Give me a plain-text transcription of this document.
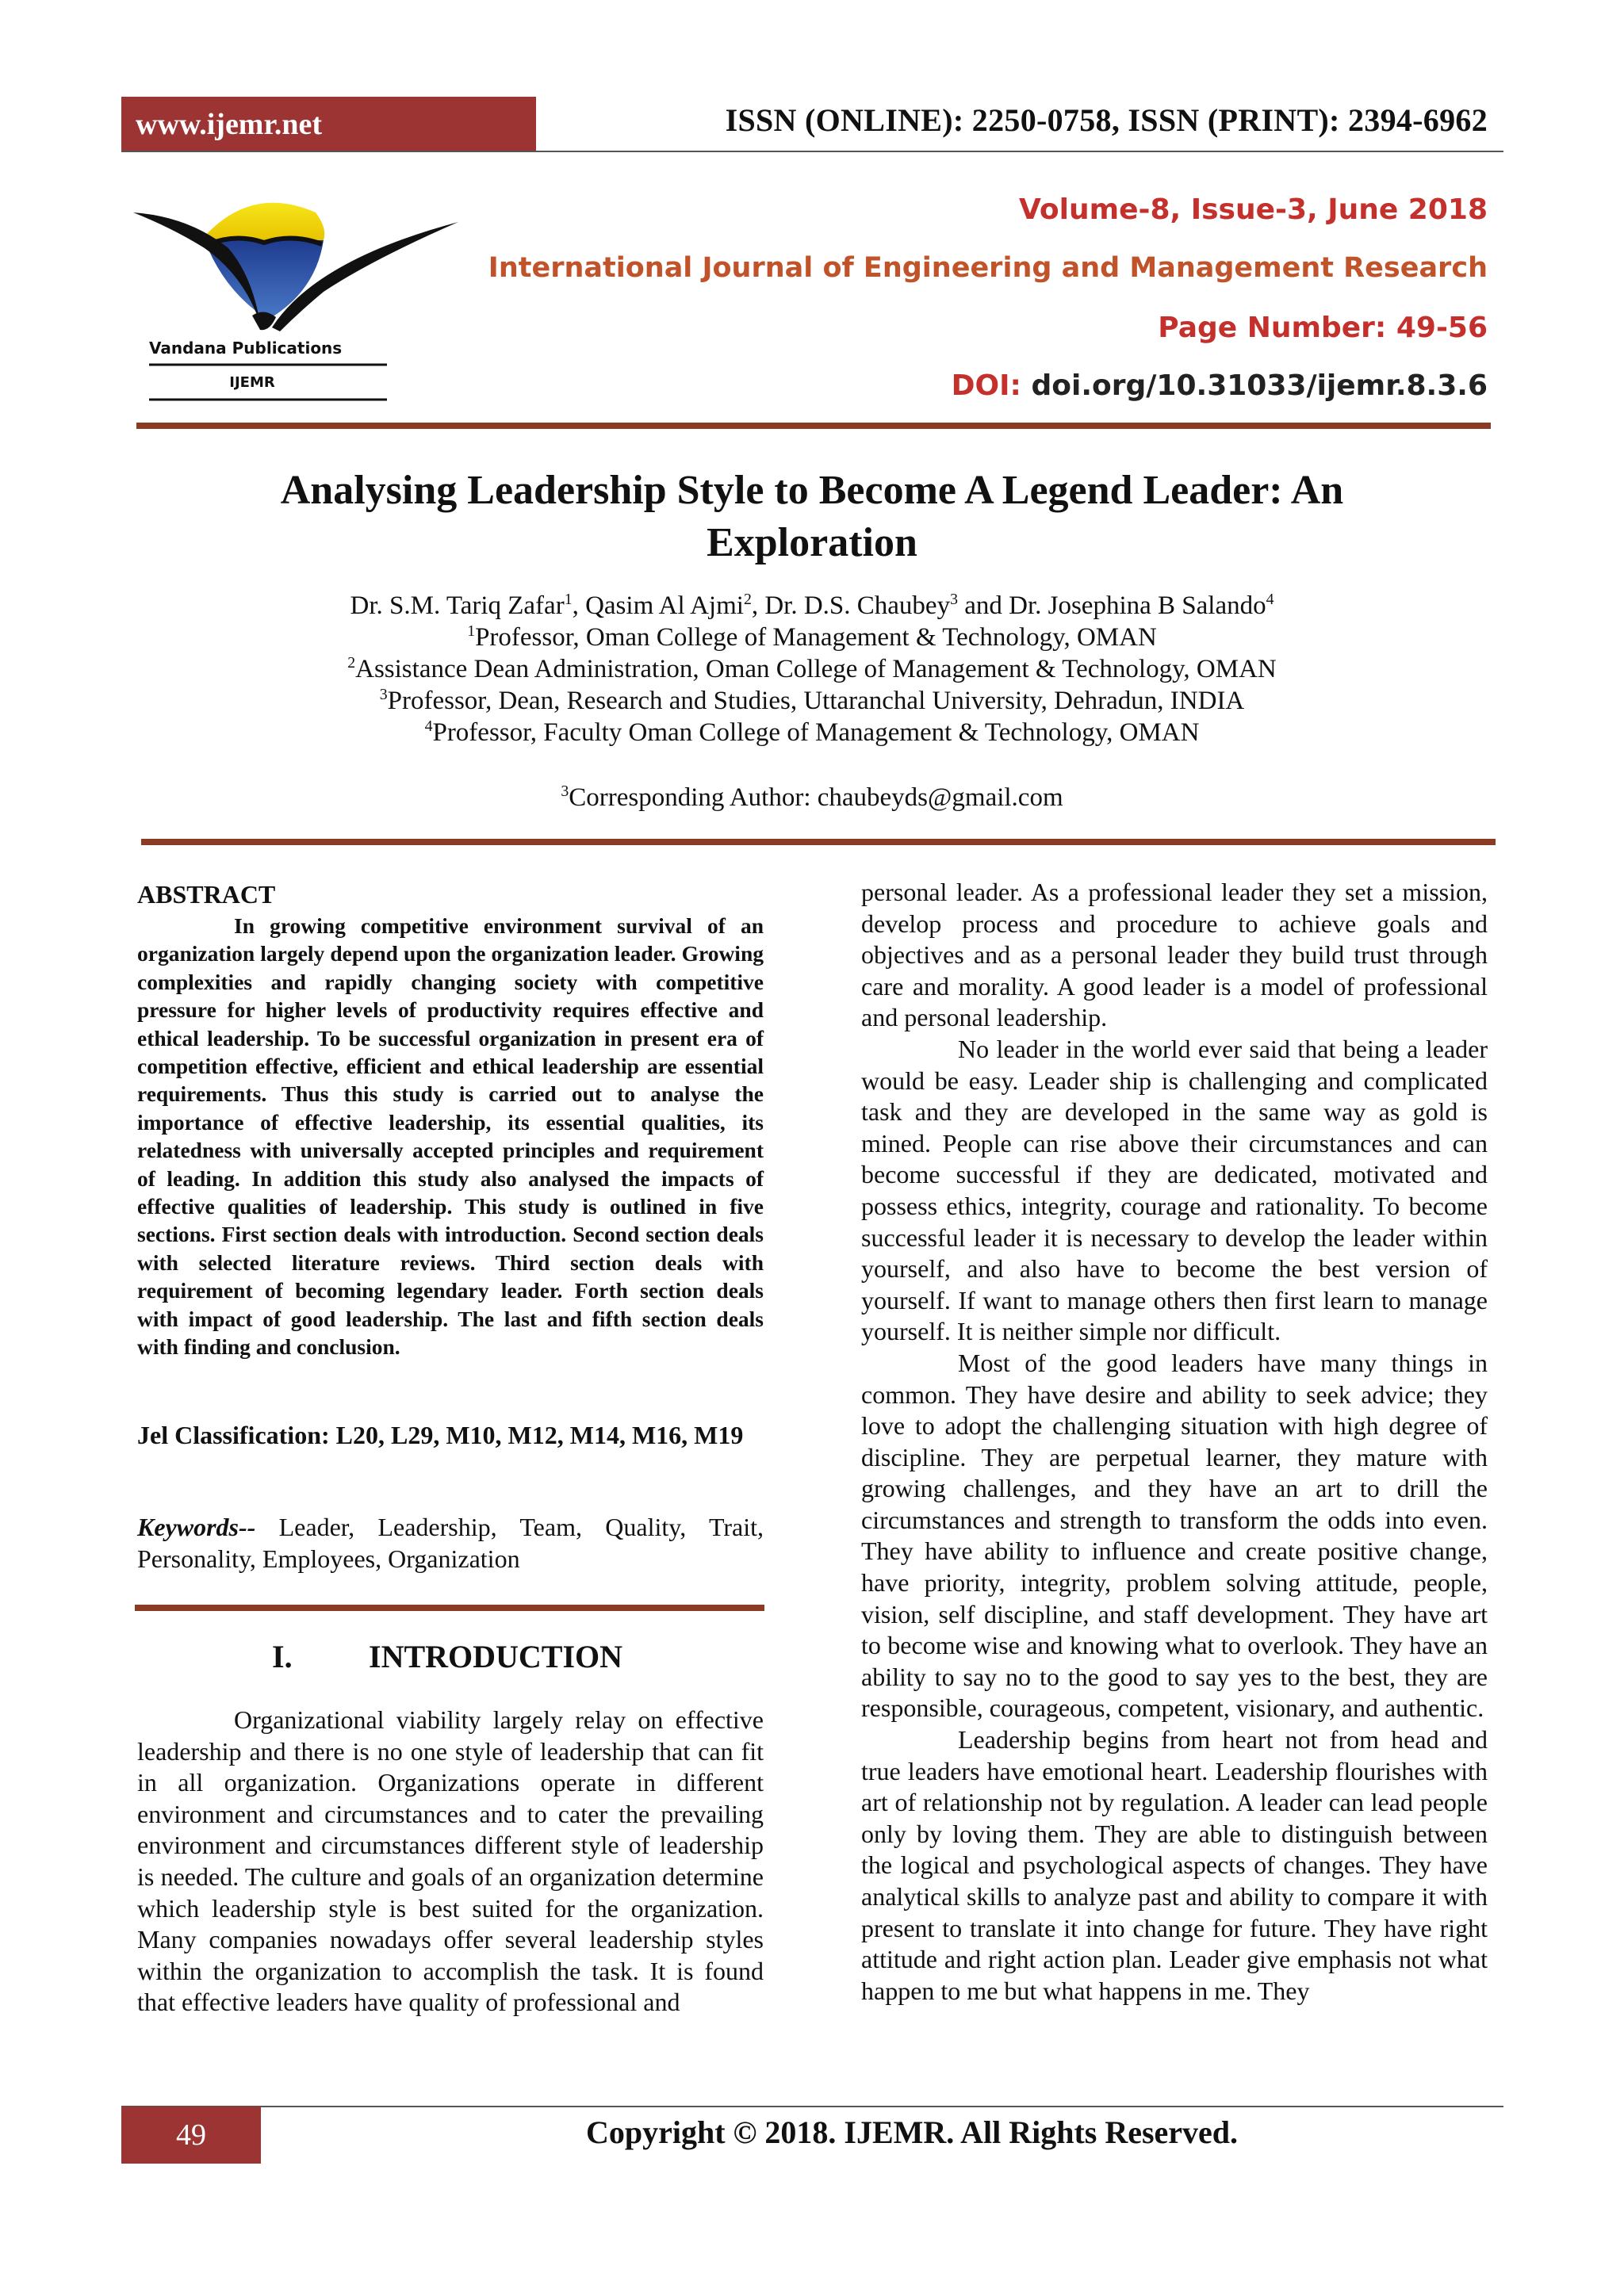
www.ijemr.net	ISSN (ONLINE): 2250-0758, ISSN (PRINT): 2394-6962
Vandana Publications
IJEMR
Volume-8, Issue-3, June 2018
International Journal of Engineering and Management Research
Page Number: 49-56
DOI: doi.org/10.31033/ijemr.8.3.6
Analysing Leadership Style to Become A Legend Leader: An
Exploration
Dr. S.M. Tariq Zafar$^1$, Qasim Al Ajmi$^2$, Dr. D.S. Chaubey$^3$ and Dr. Josephina B Salando$^4$
$^1$Professor, Oman College of Management & Technology, OMAN
$^2$Assistance Dean Administration, Oman College of Management & Technology, OMAN
$^3$Professor, Dean, Research and Studies, Uttaranchal University, Dehradun, INDIA
$^4$Professor, Faculty Oman College of Management & Technology, OMAN
$^3$Corresponding Author: chaubeyds@gmail.com
ABSTRACT
In growing competitive environment survival of an organization largely depend upon the organization leader. Growing complexities and rapidly changing society with competitive pressure for higher levels of productivity requires effective and ethical leadership. To be successful organization in present era of competition effective, efficient and ethical leadership are essential requirements. Thus this study is carried out to analyse the importance of effective leadership, its essential qualities, its relatedness with universally accepted principles and requirement of leading. In addition this study also analysed the impacts of effective qualities of leadership. This study is outlined in five sections. First section deals with introduction. Second section deals with selected literature reviews. Third section deals with requirement of becoming legendary leader. Forth section deals with impact of good leadership. The last and fifth section deals with finding and conclusion.
Jel Classification: L20, L29, M10, M12, M14, M16, M19
Keywords-- Leader, Leadership, Team, Quality, Trait, Personality, Employees, Organization
I. INTRODUCTION
Organizational viability largely relay on effective leadership and there is no one style of leadership that can fit in all organization. Organizations operate in different environment and circumstances and to cater the prevailing environment and circumstances different style of leadership is needed. The culture and goals of an organization determine which leadership style is best suited for the organization. Many companies nowadays offer several leadership styles within the organization to accomplish the task. It is found that effective leaders have quality of professional and

personal leader. As a professional leader they set a mission, develop process and procedure to achieve goals and objectives and as a personal leader they build trust through care and morality. A good leader is a model of professional and personal leadership.

No leader in the world ever said that being a leader would be easy. Leader ship is challenging and complicated task and they are developed in the same way as gold is mined. People can rise above their circumstances and can become successful if they are dedicated, motivated and possess ethics, integrity, courage and rationality. To become successful leader it is necessary to develop the leader within yourself, and also have to become the best version of yourself. If want to manage others then first learn to manage yourself. It is neither simple nor difficult.

Most of the good leaders have many things in common. They have desire and ability to seek advice; they love to adopt the challenging situation with high degree of discipline. They are perpetual learner, they mature with growing challenges, and they have an art to drill the circumstances and strength to transform the odds into even. They have ability to influence and create positive change, have priority, integrity, problem solving attitude, people, vision, self discipline, and staff development. They have art to become wise and knowing what to overlook. They have an ability to say no to the good to say yes to the best, they are responsible, courageous, competent, visionary, and authentic.

Leadership begins from heart not from head and true leaders have emotional heart. Leadership flourishes with art of relationship not by regulation. A leader can lead people only by loving them. They are able to distinguish between the logical and psychological aspects of changes. They have analytical skills to analyze past and ability to compare it with present to translate it into change for future. They have right attitude and right action plan. Leader give emphasis not what happen to me but what happens in me. They

49	Copyright © 2018. IJEMR. All Rights Reserved.
